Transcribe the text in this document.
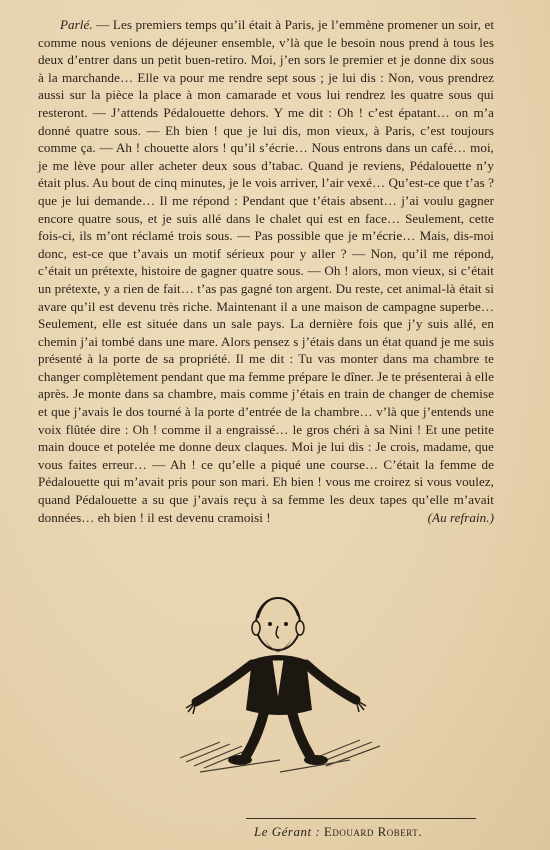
Parlé. — Les premiers temps qu’il était à Paris, je l’emmène promener un soir, et comme nous venions de déjeuner ensemble, v’là que le besoin nous prend à tous les deux d’entrer dans un petit buen-retiro. Moi, j’en sors le premier et je donne dix sous à la marchande… Elle va pour me rendre sept sous ; je lui dis : Non, vous prendrez aussi sur la pièce la place à mon camarade et vous lui rendrez les quatre sous qui resteront. — J’attends Pédalouette dehors. Y me dit : Oh ! c’est épatant… on m’a donné quatre sous. — Eh bien ! que je lui dis, mon vieux, à Paris, c’est toujours comme ça. — Ah ! chouette alors ! qu’il s’écrie… Nous entrons dans un café… moi, je me lève pour aller acheter deux sous d’tabac. Quand je reviens, Pédalouette n’y était plus. Au bout de cinq minutes, je le vois arriver, l’air vexé… Qu’est-ce que t’as ? que je lui demande… Il me répond : Pendant que t’étais absent… j’ai voulu gagner encore quatre sous, et je suis allé dans le chalet qui est en face… Seulement, cette fois-ci, ils m’ont réclamé trois sous. — Pas possible que je m’écrie… Mais, dis-moi donc, est-ce que t’avais un motif sérieux pour y aller ? — Non, qu’il me répond, c’était un prétexte, histoire de gagner quatre sous. — Oh ! alors, mon vieux, si c’était un prétexte, y a rien de fait… t’as pas gagné ton argent. Du reste, cet animal-là était si avare qu’il est devenu très riche. Maintenant il a une maison de campagne superbe… Seulement, elle est située dans un sale pays. La dernière fois que j’y suis allé, en chemin j’ai tombé dans une mare. Alors pensez s j’étais dans un état quand je me suis présenté à la porte de sa propriété. Il me dit : Tu vas monter dans ma chambre te changer complètement pendant que ma femme prépare le dîner. Je te présenterai à elle après. Je monte dans sa chambre, mais comme j’étais en train de changer de chemise et que j’avais le dos tourné à la porte d’entrée de la chambre… v’là que j’entends une voix flûtée dire : Oh ! comme il a engraissé… le gros chéri à sa Nini ! Et une petite main douce et potelée me donne deux claques. Moi je lui dis : Je crois, madame, que vous faites erreur… — Ah ! ce qu’elle a piqué une course… C’était la femme de Pédalouette qui m’avait pris pour son mari. Eh bien ! vous me croirez si vous voulez, quand Pédalouette a su que j’avais reçu à sa femme les deux tapes qu’elle m’avait données… eh bien ! il est devenu cramoisi !	(Au refrain.)
Le Gérant : Edouard Robert.
